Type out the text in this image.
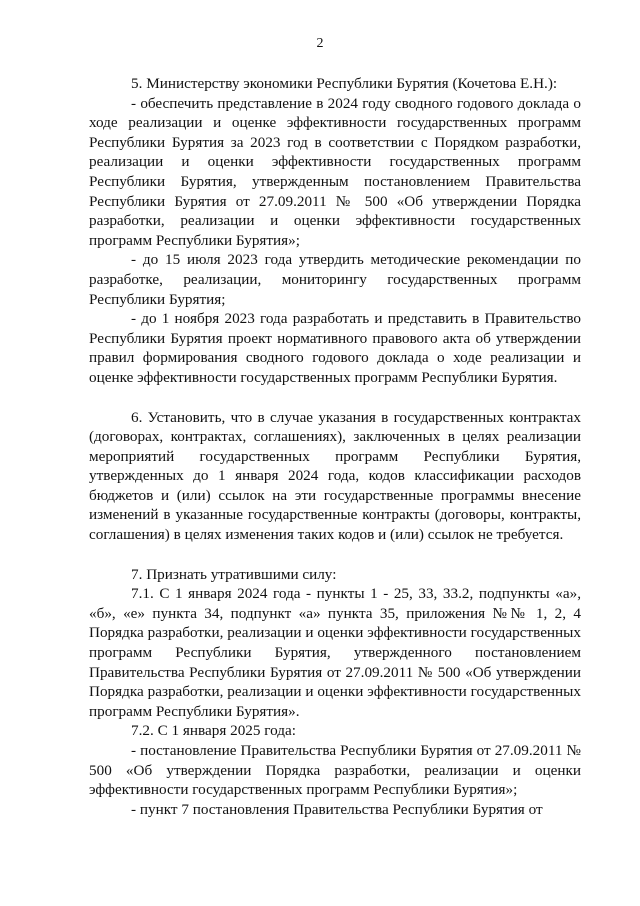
2

5. Министерству экономики Республики Бурятия (Кочетова Е.Н.):

- обеспечить представление в 2024 году сводного годового доклада о ходе реализации и оценке эффективности государственных программ Республики Бурятия за 2023 год в соответствии с Порядком разработки, реализации и оценки эффективности государственных программ Республики Бурятия, утвержденным постановлением Правительства Республики Бурятия от 27.09.2011 № 500 «Об утверждении Порядка разработки, реализации и оценки эффективности государственных программ Республики Бурятия»;

- до 15 июля 2023 года утвердить методические рекомендации по разработке, реализации, мониторингу государственных программ Республики Бурятия;

- до 1 ноября 2023 года разработать и представить в Правительство Республики Бурятия проект нормативного правового акта об утверждении правил формирования сводного годового доклада о ходе реализации и оценке эффективности государственных программ Республики Бурятия.

6. Установить, что в случае указания в государственных контрактах (договорах, контрактах, соглашениях), заключенных в целях реализации мероприятий государственных программ Республики Бурятия, утвержденных до 1 января 2024 года, кодов классификации расходов бюджетов и (или) ссылок на эти государственные программы внесение изменений в указанные государственные контракты (договоры, контракты, соглашения) в целях изменения таких кодов и (или) ссылок не требуется.

7. Признать утратившими силу:

7.1. С 1 января 2024 года - пункты 1 - 25, 33, 33.2, подпункты «а», «б», «е» пункта 34, подпункт «а» пункта 35, приложения №№ 1, 2, 4 Порядка разработки, реализации и оценки эффективности государственных программ Республики Бурятия, утвержденного постановлением Правительства Республики Бурятия от 27.09.2011 № 500 «Об утверждении Порядка разработки, реализации и оценки эффективности государственных программ Республики Бурятия».

7.2. С 1 января 2025 года:

- постановление Правительства Республики Бурятия от 27.09.2011 № 500 «Об утверждении Порядка разработки, реализации и оценки эффективности государственных программ Республики Бурятия»;

- пункт 7 постановления Правительства Республики Бурятия от
